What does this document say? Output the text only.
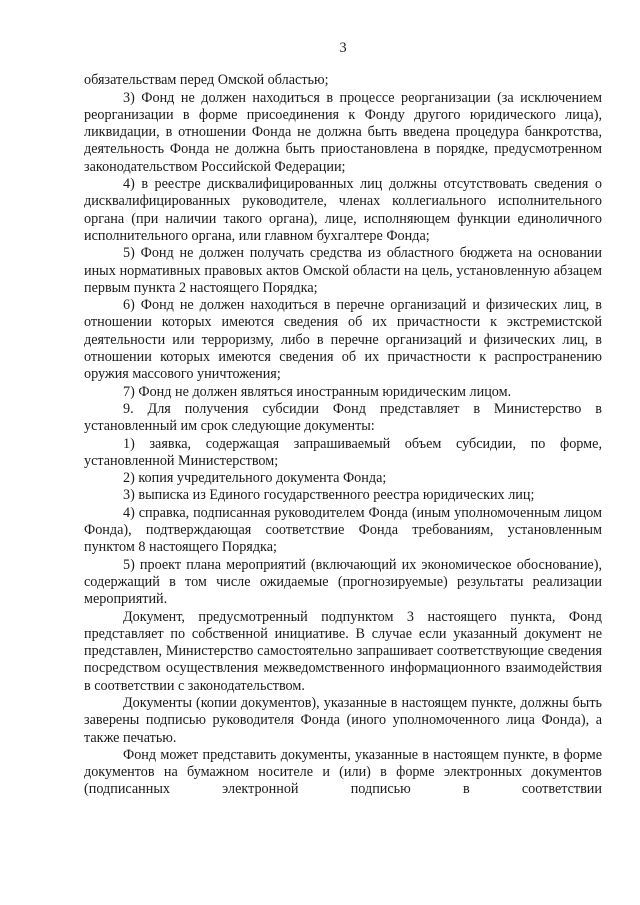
3

обязательствам перед Омской областью;

3) Фонд не должен находиться в процессе реорганизации (за исключением реорганизации в форме присоединения к Фонду другого юридического лица), ликвидации, в отношении Фонда не должна быть введена процедура банкротства, деятельность Фонда не должна быть приостановлена в порядке, предусмотренном законодательством Российской Федерации;

4) в реестре дисквалифицированных лиц должны отсутствовать сведения о дисквалифицированных руководителе, членах коллегиального исполнительного органа (при наличии такого органа), лице, исполняющем функции единоличного исполнительного органа, или главном бухгалтере Фонда;

5) Фонд не должен получать средства из областного бюджета на основании иных нормативных правовых актов Омской области на цель, установленную абзацем первым пункта 2 настоящего Порядка;

6) Фонд не должен находиться в перечне организаций и физических лиц, в отношении которых имеются сведения об их причастности к экстремистской деятельности или терроризму, либо в перечне организаций и физических лиц, в отношении которых имеются сведения об их причастности к распространению оружия массового уничтожения;

7) Фонд не должен являться иностранным юридическим лицом.

9. Для получения субсидии Фонд представляет в Министерство в установленный им срок следующие документы:

1) заявка, содержащая запрашиваемый объем субсидии, по форме, установленной Министерством;

2) копия учредительного документа Фонда;

3) выписка из Единого государственного реестра юридических лиц;

4) справка, подписанная руководителем Фонда (иным уполномоченным лицом Фонда), подтверждающая соответствие Фонда требованиям, установленным пунктом 8 настоящего Порядка;

5) проект плана мероприятий (включающий их экономическое обоснование), содержащий в том числе ожидаемые (прогнозируемые) результаты реализации мероприятий.

Документ, предусмотренный подпунктом 3 настоящего пункта, Фонд представляет по собственной инициативе. В случае если указанный документ не представлен, Министерство самостоятельно запрашивает соответствующие сведения посредством осуществления межведомственного информационного взаимодействия в соответствии с законодательством.

Документы (копии документов), указанные в настоящем пункте, должны быть заверены подписью руководителя Фонда (иного уполномоченного лица Фонда), а также печатью.

Фонд может представить документы, указанные в настоящем пункте, в форме документов на бумажном носителе и (или) в форме электронных документов (подписанных электронной подписью в соответствии
